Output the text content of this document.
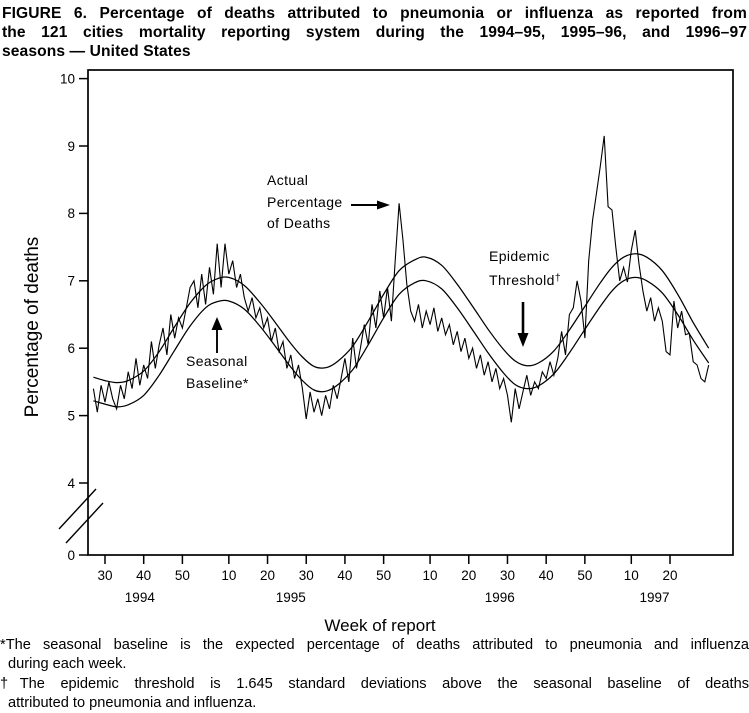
FIGURE 6. Percentage of deaths attributed to pneumonia or influenza as reported from
the 121 cities mortality reporting system during the 1994–95, 1995–96, and 1996–97
seasons — United States
10
9
8
7
6
5
4
0
30 40 50 10 20 30 40 50 10 20 30 40 50 10 20
1994	1995	1996	1997
Percentage of deaths
Week of report
Actual
Percentage
of Deaths
Epidemic
Threshold†
Seasonal
Baseline*
*The seasonal baseline is the expected percentage of deaths attributed to pneumonia and influenza
during each week.
†The epidemic threshold is 1.645 standard deviations above the seasonal baseline of deaths
attributed to pneumonia and influenza.
